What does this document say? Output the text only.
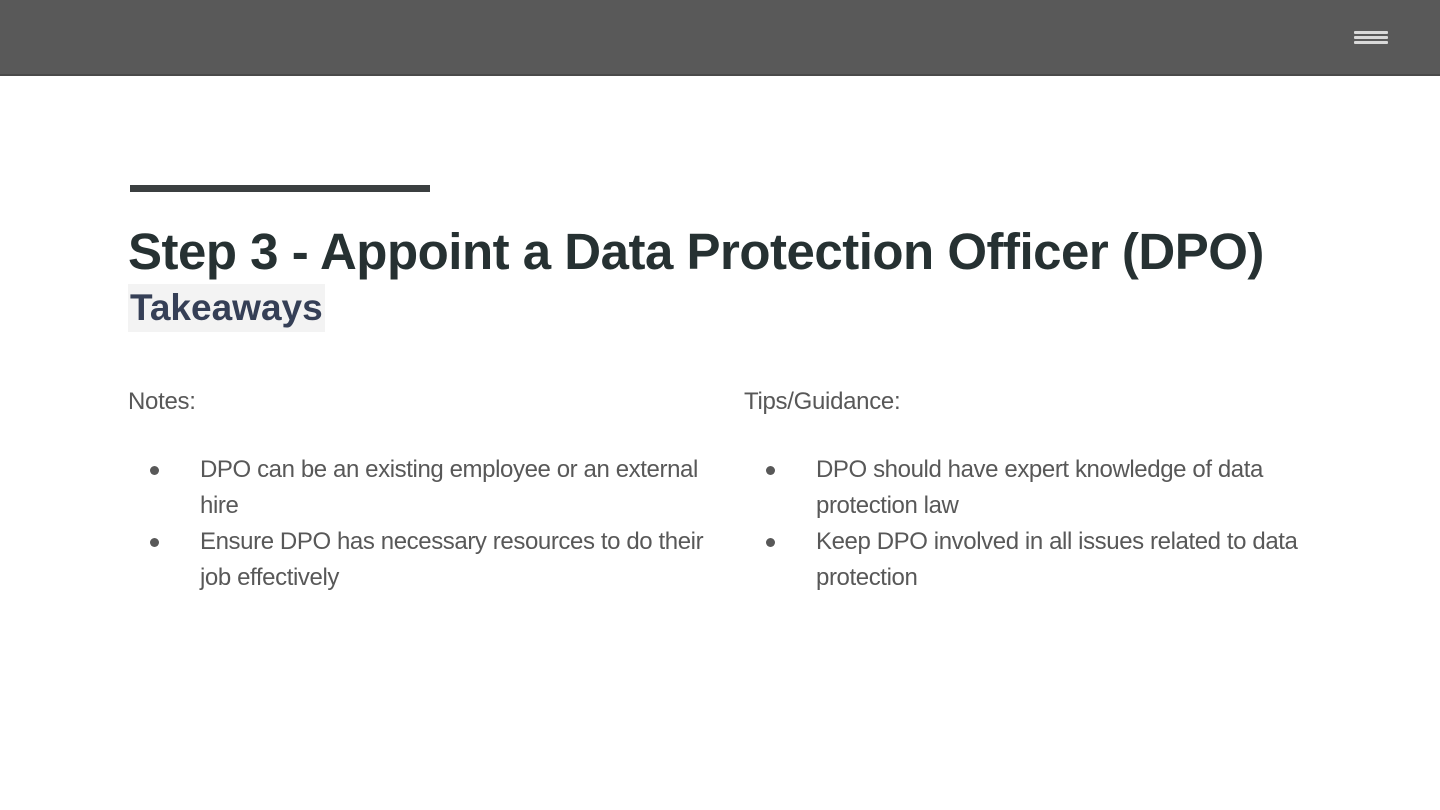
Step 3 - Appoint a Data Protection Officer (DPO)
Takeaways

Notes:

DPO can be an existing employee or an external hire
Ensure DPO has necessary resources to do their job effectively

Tips/Guidance:

DPO should have expert knowledge of data protection law
Keep DPO involved in all issues related to data protection
